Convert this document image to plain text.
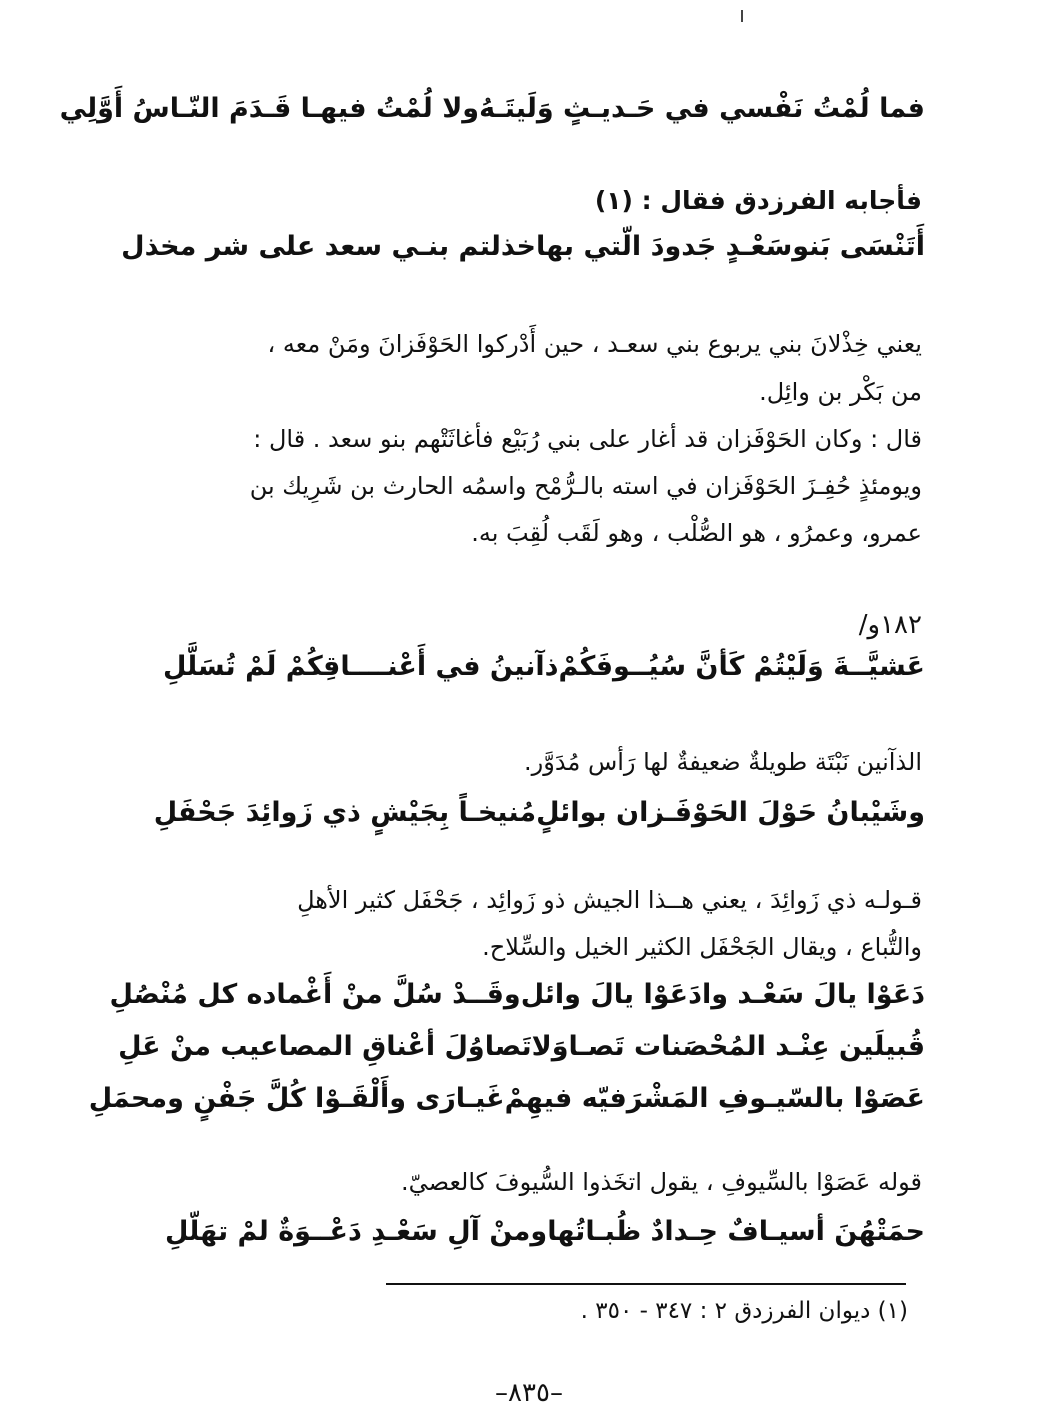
فما لُمْتُ نَفْسي في حَـديـثٍ وَلَيتَـهُ
ولا لُمْتُ فيهـا قَـدَمَ النّـاسُ أَوَّلِي
فأجابه الفرزدق فقال : (١)
أَتَنْسَى بَنوسَعْـدٍ جَدودَ الّتي بها
خذلتم بنـي سعد على شر مخذل
يعني خِذْلانَ بني يربوع بني سعـد ، حين أَدْركوا الحَوْفَزانَ ومَنْ معه ،
من بَكْر بن وائِل.
قال : وكان الحَوْفَزان قد أغار على بني رُبَيْع فأغاثَتْهم بنو سعد . قال :
ويومئذٍ حُفِـزَ الحَوْفَزان في استه بالـرُّمْح واسمُه الحارث بن شَرِيك بن
عمرو، وعمرُو ، هو الصُّلْب ، وهو لَقَب لُقِبَ به.
١٨٢و/
عَشيَّــةَ وَلَيْتُمْ كَأنَّ سُيُــوفَكُمْ
ذآنينُ في أَعْنــــاقِكُمْ لَمْ تُسَلَّلِ
الذآنين نَبْتَة طويلةٌ ضعيفةٌ لها رَأس مُدَوَّر.
وشَيْبانُ حَوْلَ الحَوْفَـزان بوائلٍ
مُنيخـاً بِجَيْشٍ ذي زَوائِدَ جَحْفَلِ
قـولـه ذي زَوائِدَ ، يعني هــذا الجيش ذو زَوائِد ، جَحْفَل كثير الأهلِ
والتُّباع ، ويقال الجَحْفَل الكثير الخيل والسِّلاح.
دَعَوْا يالَ سَعْـد وادَعَوْا يالَ وائل
وقَــدْ سُلَّ منْ أَغْماده كل مُنْصُلِ
قُبيلَين عِنْـد المُحْصَنات تَصـاوَلا
تَصاوُلَ أعْناقِ المصاعيب منْ عَلِ
عَصَوْا بالسّيـوفِ المَشْرَفيّه فيهِمْ
غَيـارَى وأَلْقَـوْا كُلَّ جَفْنٍ ومحمَلِ
قوله عَصَوْا بالسِّيوفِ ، يقول اتخَذوا السُّيوفَ كالعصيّ.
حمَتْهُنَ أسيـافٌ حِـدادٌ ظُبـاتُها
ومنْ آلِ سَعْـدِ دَعْــوَةٌ لمْ تهَلّلِ
(١) ديوان الفرزدق ٢ : ٣٤٧ - ٣٥٠ .
–٨٣٥–
